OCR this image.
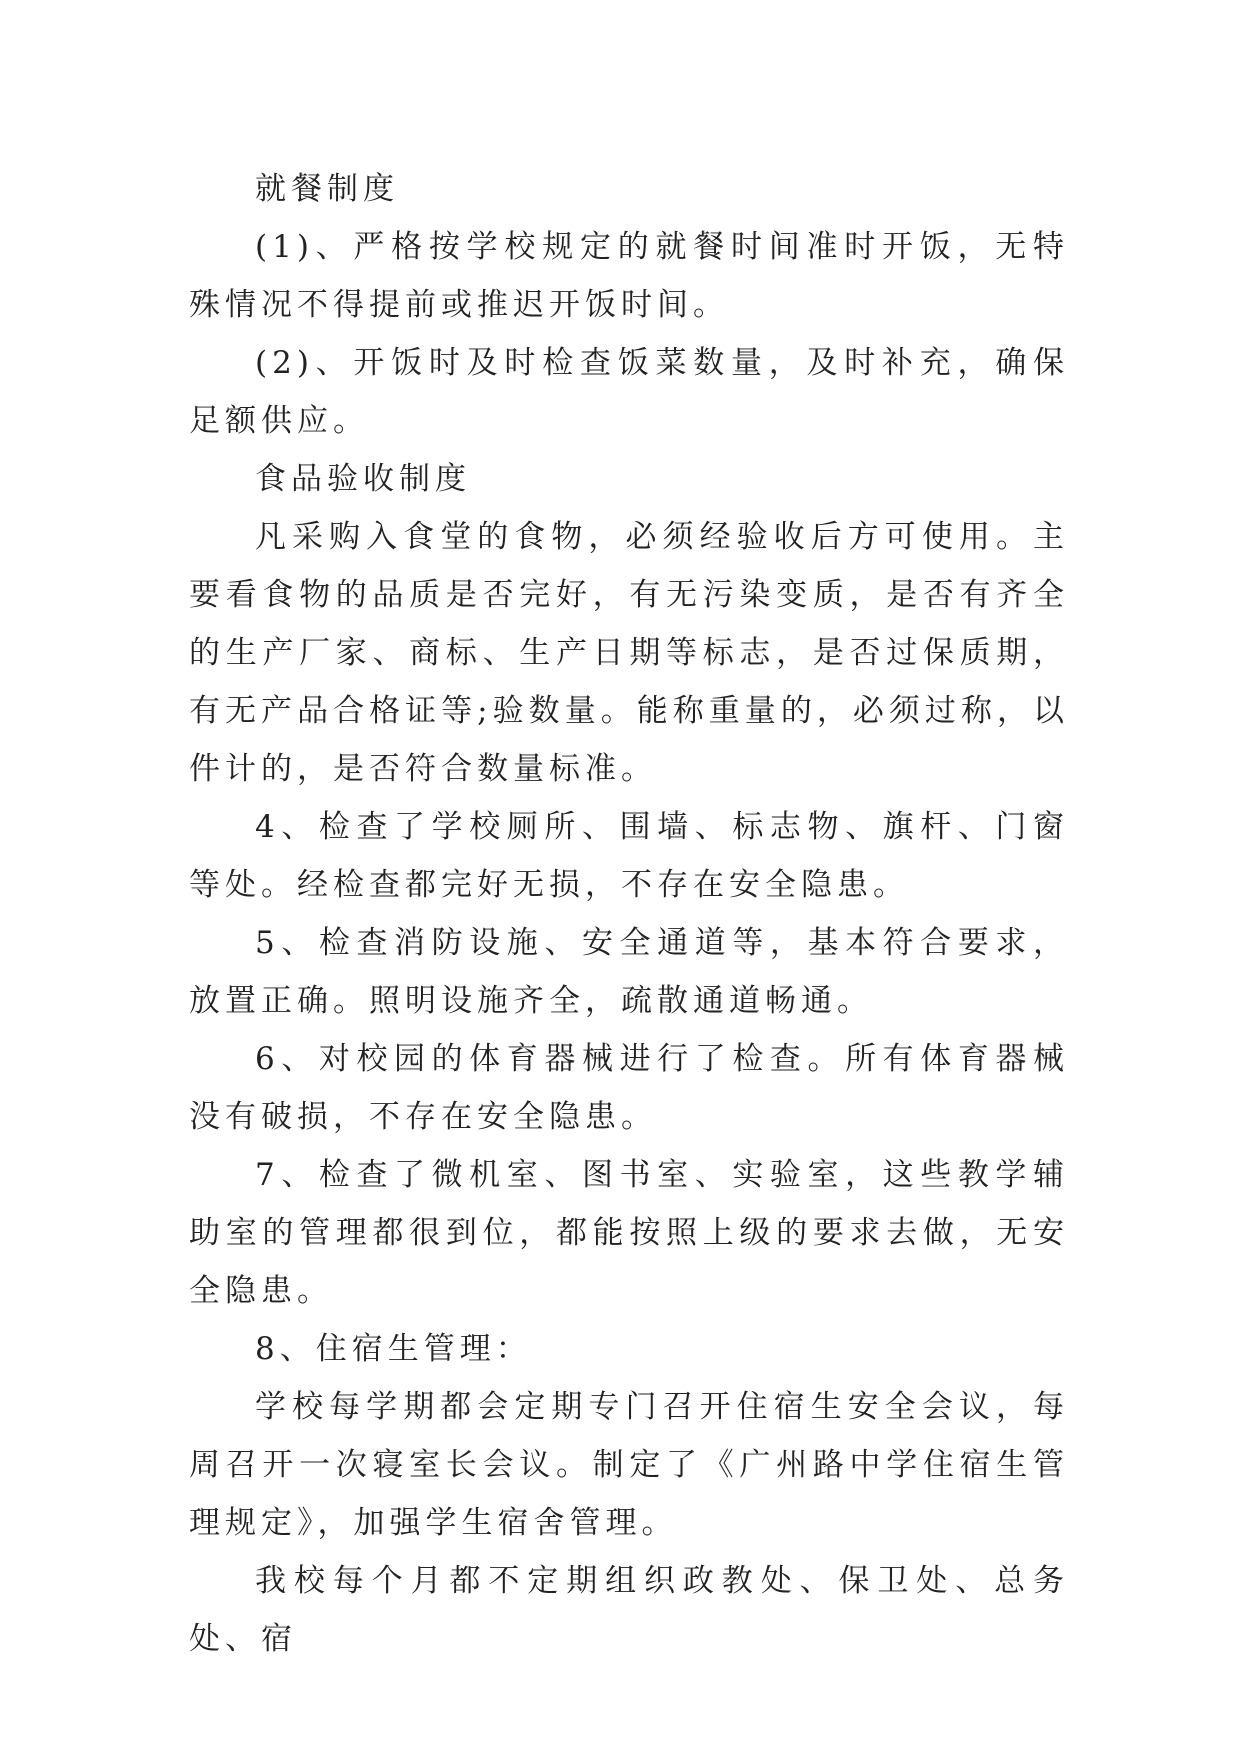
就餐制度

(1)、严格按学校规定的就餐时间准时开饭，无特殊情况不得提前或推迟开饭时间。

(2)、开饭时及时检查饭菜数量，及时补充，确保足额供应。

食品验收制度

凡采购入食堂的食物，必须经验收后方可使用。主要看食物的品质是否完好，有无污染变质，是否有齐全的生产厂家、商标、生产日期等标志，是否过保质期，有无产品合格证等;验数量。能称重量的，必须过称，以件计的，是否符合数量标准。

4、检查了学校厕所、围墙、标志物、旗杆、门窗等处。经检查都完好无损，不存在安全隐患。

5、检查消防设施、安全通道等，基本符合要求，放置正确。照明设施齐全，疏散通道畅通。

6、对校园的体育器械进行了检查。所有体育器械没有破损，不存在安全隐患。

7、检查了微机室、图书室、实验室，这些教学辅助室的管理都很到位，都能按照上级的要求去做，无安全隐患。

8、住宿生管理：

学校每学期都会定期专门召开住宿生安全会议，每周召开一次寝室长会议。制定了《广州路中学住宿生管理规定》，加强学生宿舍管理。

我校每个月都不定期组织政教处、保卫处、总务处、宿
